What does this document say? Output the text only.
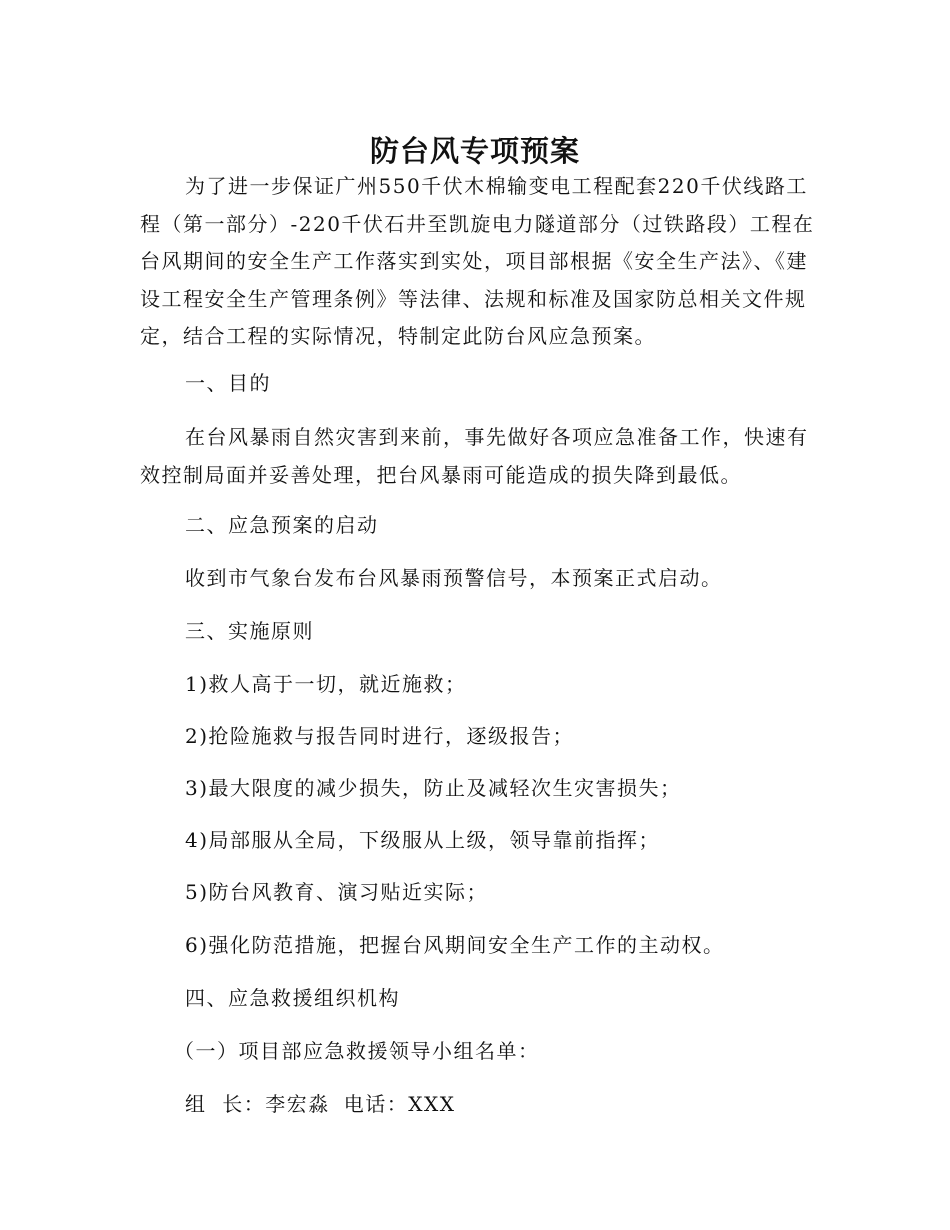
防台风专项预案

为了进一步保证广州550千伏木棉输变电工程配套220千伏线路工程（第一部分）-220千伏石井至凯旋电力隧道部分（过铁路段）工程在台风期间的安全生产工作落实到实处，项目部根据《安全生产法》、《建设工程安全生产管理条例》等法律、法规和标准及国家防总相关文件规定，结合工程的实际情况，特制定此防台风应急预案。

一、目的

在台风暴雨自然灾害到来前，事先做好各项应急准备工作，快速有效控制局面并妥善处理，把台风暴雨可能造成的损失降到最低。

二、应急预案的启动

收到市气象台发布台风暴雨预警信号，本预案正式启动。

三、实施原则

1)救人高于一切，就近施救；

2)抢险施救与报告同时进行，逐级报告；

3)最大限度的减少损失，防止及减轻次生灾害损失；

4)局部服从全局，下级服从上级，领导靠前指挥；

5)防台风教育、演习贴近实际；

6)强化防范措施，把握台风期间安全生产工作的主动权。

四、应急救援组织机构

（一）项目部应急救援领导小组名单：

组  长：李宏淼 电话：XXX
